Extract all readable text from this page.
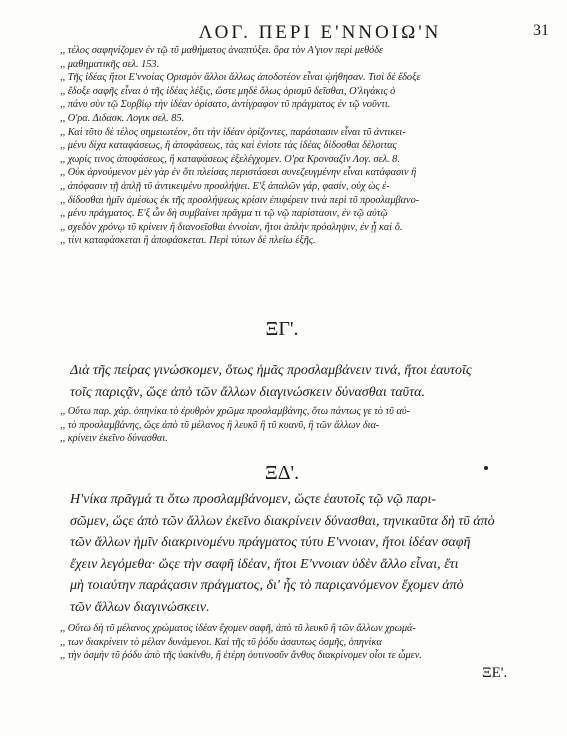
ΛΟΓ. ΠΕΡΙ Ε'ΝΝΟΙΩ'Ν	31
,, τέλος σαφηνίζομεν ἐν τῷ τῦ μαθήματος ἀναπτύξει. ὅρα τὸν Α'γιον περὶ μεθόδε
,, μαθηματικῆς σελ. 153.
,, Τῆς ἰδέας ἤτοι Ε'ννοίας Ορισμὸν ἄλλοι ἄλλως ἀποδοτέον εἶναι ᾠήθησαν. Τισὶ δὲ ἔδοξε
,, ἔδοξε σαφῆς εἶναι ὁ τῆς ἰδέας λέξις, ὥστε μηδὲ ὅλως ὁρισμῦ δεῖσθαι, Ο'λιγάκις ὁ
,, πάνυ σὺν τῷ Συρβίῳ τὴν ἰδέαν ὁρίσατο, ἀντίγραφον τῦ πράγματος ἐν τῷ νοῦντι.
,, Ο'ρα. Διδασκ. Λογικ σελ. 85.
,, Καὶ τῦτο δὲ τέλος σημειωτέον, ὅτι τὴν ἰδέαν ὁρίζοντες, παράστασιν εἶναι τῦ ἀντικει-
,, μένυ δίχα καταφάσεως, ἢ ἀποφάσεως, τὰς καὶ ἐνίοτε τὰς ἰδέας δίδοσθαι δέλοιτας
,, χωρίς τινος ἀποφάσεως, ἢ καταφάσεως ἐξελέγχομεν. Ο'ρα Κρονσαζίν Λογ. σελ. 8.
,, Οὐκ ἀρνούμενον μὲν γὰρ ἐν ὅτι πλείσας περιστάσεσι συνεζευγμένην εἶναι κατάφασιν ἢ
,, ἀπόφασιν τῇ ἁπλῇ τῦ ἀντικειμένυ προσλήψει. Ε'ξ ἀπαλῶν γάρ, φασίν, οὐχ ὡς ἐ-
,, δίδοσθαι ἡμῖν ἀμέσως ἐκ τῆς προσλήψεως κρίσιν ἐπιφέρειν τινὰ περὶ τῦ προσλαμβανο-
,, μένυ πράγματος. Ε'ξ ὧν δὴ συμβαίνει πρᾶγμα τι τῷ νῷ παρίστασιν, ἐν τῷ αὐτῷ
,, σχεδὸν χρόνῳ τῦ κρίνειν ἢ διανοεῖσθαι ἐννοίαν, ἤτοι ἁπλὴν πρόσληψιν, ἐν ᾗ καὶ ὅ.
,, τίνι καταφάσκεται ἢ ἀποφάσκεται. Περὶ τύτων δὲ πλείω ἑξῆς.
ΞΓ'.
Διὰ τῆς πείρας γινώσκομεν, ὅτως ἡμᾶς προσλαμβάνειν τινά, ἤτοι ἑαυτοῖς
τοῖς παριςᾷν, ὥςε ἀπὸ τῶν ἄλλων διαγινώσκειν δύνασθαι ταῦτα.
,, Οὕτω παρ. χάρ. ὁπηνίκα τὸ ἐρυθρὸν χρῶμα προσλαμβάνης, ὅτω πάντως γε τὸ τῦ αὐ-
,, τὸ προσλαμβάνης, ὥςε ἀπὸ τῦ μέλανος ἢ λευκῦ ἢ τῦ κυανῦ, ἢ τῶν ἄλλων δια-
,, κρίνειν ἐκεῖνο δύνασθαι.
ΞΔ'.
Η'νίκα πρᾶγμά τι ὅτω προσλαμβάνομεν, ὥςτε ἑαυτοῖς τῷ νῷ παρι-
σῶμεν, ὥςε ἀπὸ τῶν ἄλλων ἐκεῖνο διακρίνειν δύνασθαι, τηνικαῦτα δὴ τῦ ἀπὸ
τῶν ἄλλων ἡμῖν διακρινομένυ πράγματος τύτυ Ε'ννοιαν, ἤτοι ἰδέαν σαφῆ
ἔχειν λεγόμεθα· ὥςε τὴν σαφῆ ἰδέαν, ἤτοι Ε'ννοιαν ὐδὲν ἄλλο εἶναι, ἔτι
μὴ τοιαύτην παράςασιν πράγματος, δι' ἧς τὸ παριςανόμενον ἔχομεν ἀπὸ
τῶν ἄλλων διαγινώσκειν.
,, Οὕτω δὴ τῦ μέλανος χρώματος ἰδέαν ἔχομεν σαφῆ, ἀπὸ τῦ λευκῦ ἢ τῶν ἄλλων χρωμά-
,, των διακρίνειν τὸ μέλαν δυνάμενοι. Καὶ τῆς τῦ ῥόδυ ἀσαυτως ὀσμῆς, ὁπηνίκα
,, τὴν ὀσμὴν τῦ ῥόδυ ἀπὸ τῆς ὑακίνθυ, ἢ ἑτέρη ὁυτινοσῦν ἄνθυς διακρίνομεν οἷοι τε ὦμεν.
ΞΕ'.
